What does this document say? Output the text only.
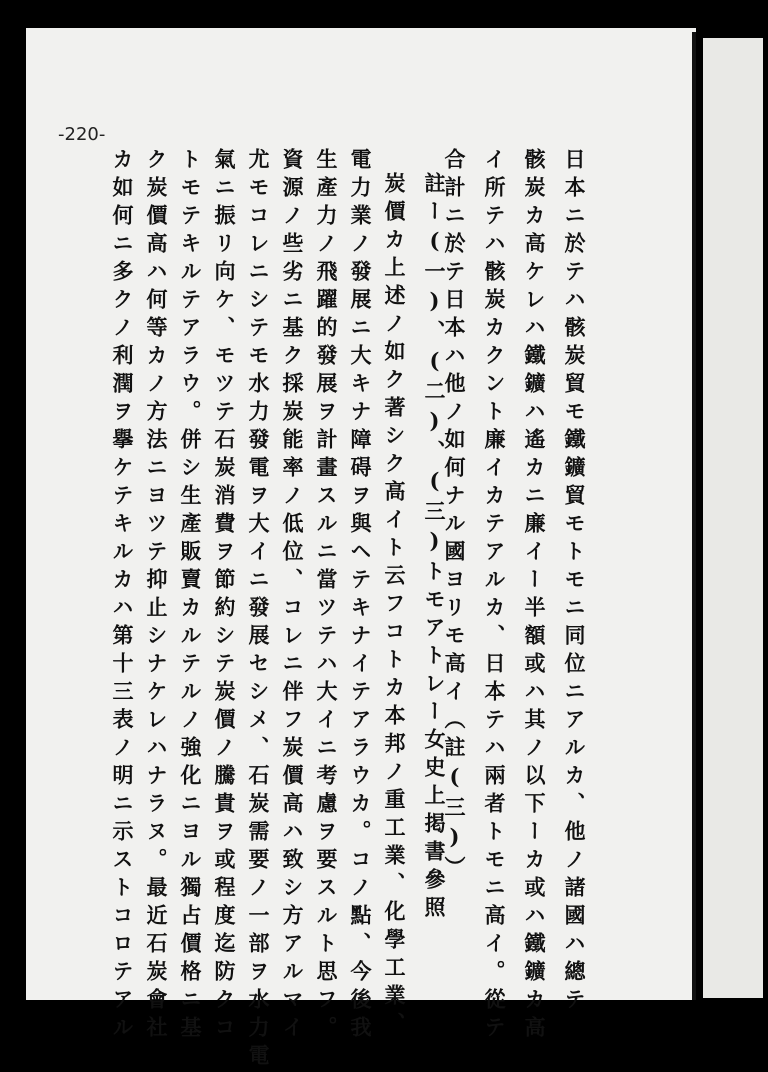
-220-
日本ニ於テハ骸炭貿モ鐵鑛貿モトモニ同位ニアルカ、他ノ諸國ハ總テ
骸炭カ高ケレハ鐵鑛ハ遙カニ廉イー半額或ハ其ノ以下ーカ或ハ鐵鑛カ高
イ所テハ骸炭カクント廉イカテアルカ、日本テハ兩者トモニ高イ。從テ
合計ニ於テ日本ハ他ノ如何ナル國ヨリモ高イ（註(三)）
註ー(一)、(二)、(三)トモアトレー女史上掲書參照
炭價カ上述ノ如ク著シク高イト云フコトカ本邦ノ重工業、化學工業、
電力業ノ發展ニ大キナ障碍ヲ與ヘテキナイテアラウカ。コノ點、今後我
生產力ノ飛躍的發展ヲ計畫スルニ當ツテハ大イニ考慮ヲ要スルト思フ。
資源ノ些劣ニ基ク採炭能率ノ低位、コレニ伴フ炭價高ハ致シ方アルマイ
尤モコレニシテモ水力發電ヲ大イニ發展セシメ、石炭需要ノ一部ヲ水力電
氣ニ振リ向ケ、モツテ石炭消費ヲ節約シテ炭價ノ騰貴ヲ或程度迄防クコ
トモテキルテアラウ。併シ生產販賣カルテルノ強化ニヨル獨占價格ニ基
ク炭價高ハ何等カノ方法ニヨツテ抑止シナケレハナラヌ。最近石炭會社
カ如何ニ多クノ利潤ヲ擧ケテキルカハ第十三表ノ明ニ示ストコロテアル
